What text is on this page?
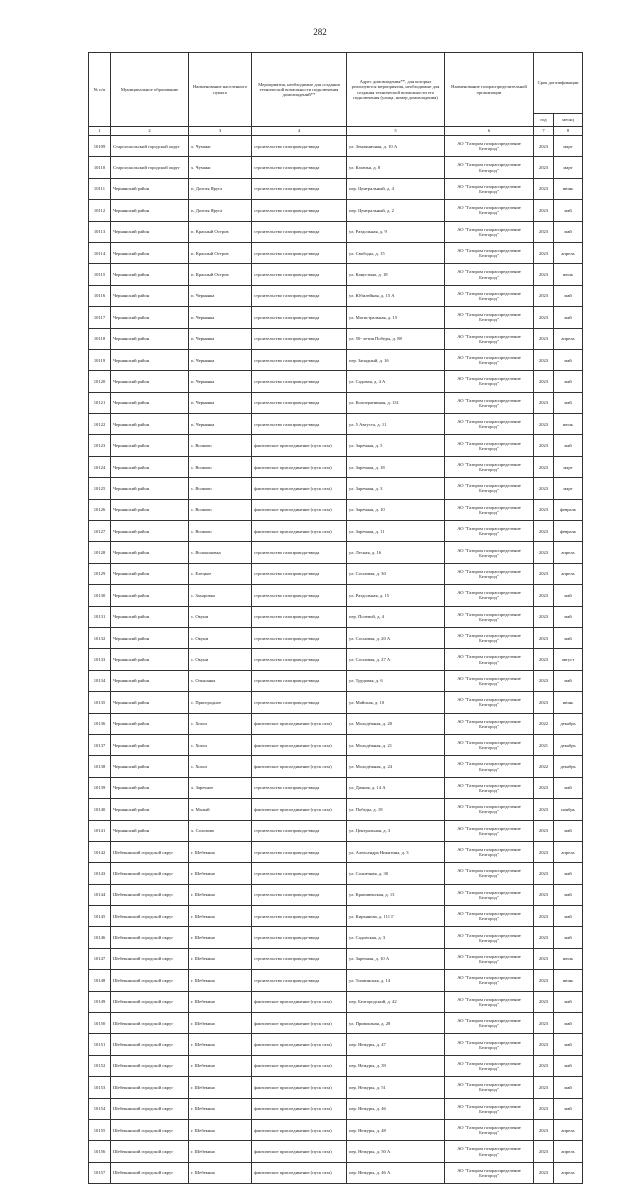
282
№ п/п	Муниципальное образование	Наименование населенного пункта	Мероприятия, необходимые для создания технической возможности подключения домовладений**	Адрес домовладения**, для которых реализуются мероприятия, необходимые для создания технической возможности его подключения (улица, номер домовладения)	Наименование газораспределительной организации	Срок догазификации	
						год	месяц
1	2	3	4	5	6	7	8
10109	Старооскольский городской округ	х. Чумаки	строительство газопровода-ввода	ул. Земляничная, д. 10 А	АО "Газпром газораспределение Белгород"	2023	март
10110	Старооскольский городской округ	х. Чумаки	строительство газопровода-ввода	ул. Казачья, д. 8	АО "Газпром газораспределение Белгород"	2023	март
10111	Чернянский район	п. Долгая Яруга	строительство газопровода-ввода	пер. Центральный, д. 4	АО "Газпром газораспределение Белгород"	2023	июнь
10112	Чернянский район	п. Долгая Яруга	строительство газопровода-ввода	пер. Центральный, д. 2	АО "Газпром газораспределение Белгород"	2023	май
10113	Чернянский район	п. Красный Остров	строительство газопровода-ввода	ул. Раздольная, д. 9	АО "Газпром газораспределение Белгород"	2023	май
10114	Чернянский район	п. Красный Остров	строительство газопровода-ввода	ул. Свободы, д. 15	АО "Газпром газораспределение Белгород"	2023	апрель
10115	Чернянский район	п. Красный Остров	строительство газопровода-ввода	ул. Кавустина, д. 18	АО "Газпром газораспределение Белгород"	2023	июль
10116	Чернянский район	п. Чернянка	строительство газопровода-ввода	ул. Юбилейная, д. 15 А	АО "Газпром газораспределение Белгород"	2023	май
10117	Чернянский район	п. Чернянка	строительство газопровода-ввода	ул. Магистральная, д. 15	АО "Газпром газораспределение Белгород"	2023	май
10118	Чернянский район	п. Чернянка	строительство газопровода-ввода	ул. 50- летия Победы, д. 88	АО "Газпром газораспределение Белгород"	2023	апрель
10119	Чернянский район	п. Чернянка	строительство газопровода-ввода	пер. Западный, д. 16	АО "Газпром газораспределение Белгород"	2023	май
10120	Чернянский район	п. Чернянка	строительство газопровода-ввода	ул. Садовая, д. 4 А	АО "Газпром газораспределение Белгород"	2023	май
10121	Чернянский район	п. Чернянка	строительство газопровода-ввода	ул. Кооперативная, д. 131	АО "Газпром газораспределение Белгород"	2023	май
10122	Чернянский район	п. Чернянка	строительство газопровода-ввода	ул. 5 Августа, д. 11	АО "Газпром газораспределение Белгород"	2023	июль
10123	Чернянский район	с. Волково	фактическое присоединение (пуск газа)	ул. Заречная, д. 5	АО "Газпром газораспределение Белгород"	2023	май
10124	Чернянский район	с. Волково	фактическое присоединение (пуск газа)	ул. Заречная, д. 18	АО "Газпром газораспределение Белгород"	2023	март
10125	Чернянский район	с. Волково	фактическое присоединение (пуск газа)	ул. Заречная, д. 3	АО "Газпром газораспределение Белгород"	2023	март
10126	Чернянский район	с. Волково	фактическое присоединение (пуск газа)	ул. Заречная, д. 10	АО "Газпром газораспределение Белгород"	2023	февраль
10127	Чернянский район	с. Волково	фактическое присоединение (пуск газа)	ул. Заречная, д. 11	АО "Газпром газораспределение Белгород"	2023	февраль
10128	Чернянский район	с. Волоконовка	строительство газопровода-ввода	ул. Лесная, д. 16	АО "Газпром газораспределение Белгород"	2023	апрель
10129	Чернянский район	с. Елецкое	строительство газопровода-ввода	ул. Сосновая, д. 30	АО "Газпром газораспределение Белгород"	2023	апрель
10130	Чернянский район	с. Захаровка	строительство газопровода-ввода	ул. Раздольная, д. 15	АО "Газпром газораспределение Белгород"	2023	май
10131	Чернянский район	с. Окуни	строительство газопровода-ввода	пер. Полевой, д. 4	АО "Газпром газораспределение Белгород"	2023	май
10132	Чернянский район	с. Окуни	строительство газопровода-ввода	ул. Сосновая, д. 20 А	АО "Газпром газораспределение Белгород"	2023	май
10133	Чернянский район	с. Окуни	строительство газопровода-ввода	ул. Сосновая, д. 27 А	АО "Газпром газораспределение Белгород"	2023	август
10134	Чернянский район	с. Ольшанка	строительство газопровода-ввода	ул. Трудовая, д. 6	АО "Газпром газораспределение Белгород"	2023	май
10135	Чернянский район	с. Пригородное	строительство газопровода-ввода	ул. Майская, д. 10	АО "Газпром газораспределение Белгород"	2023	июнь
10136	Чернянский район	с. Хохол	фактическое присоединение (пуск газа)	ул. Молодёжная, д. 20	АО "Газпром газораспределение Белгород"	2022	декабрь
10137	Чернянский район	с. Хохол	фактическое присоединение (пуск газа)	ул. Молодёжная, д. 21	АО "Газпром газораспределение Белгород"	2021	декабрь
10138	Чернянский район	с. Хохол	фактическое присоединение (пуск газа)	ул. Молодёжная, д. 24	АО "Газпром газораспределение Белгород"	2022	декабрь
10139	Чернянский район	х. Заречное	строительство газопровода-ввода	ул. Дачная, д. 14 А	АО "Газпром газораспределение Белгород"	2023	май
10140	Чернянский район	х. Малый	фактическое присоединение (пуск газа)	ул. Победы, д. 18	АО "Газпром газораспределение Белгород"	2023	ноябрь
10141	Чернянский район	х. Соловово	строительство газопровода-ввода	ул. Центральная, д. 3	АО "Газпром газораспределение Белгород"	2023	май
10142	Шебекинский городской округ	г. Шебекино	строительство газопровода-ввода	ул. Александра Никитина, д. 3	АО "Газпром газораспределение Белгород"	2023	апрель
10143	Шебекинский городской округ	г. Шебекино	строительство газопровода-ввода	ул. Солнечная, д. 30	АО "Газпром газораспределение Белгород"	2023	май
10144	Шебекинский городской округ	г. Шебекино	строительство газопровода-ввода	ул. Крапивенская, д. 13	АО "Газпром газораспределение Белгород"	2023	май
10145	Шебекинский городской округ	г. Шебекино	строительство газопровода-ввода	ул. Кирьянова, д. 111 Г	АО "Газпром газораспределение Белгород"	2023	май
10146	Шебекинский городской округ	г. Шебекино	строительство газопровода-ввода	ул. Садовская, д. 3	АО "Газпром газораспределение Белгород"	2023	май
10147	Шебекинский городской округ	г. Шебекино	строительство газопровода-ввода	ул. Заречная, д. 10 А	АО "Газпром газораспределение Белгород"	2023	июль
10148	Шебекинский городской округ	г. Шебекино	строительство газопровода-ввода	ул. Тихвинская, д. 14	АО "Газпром газораспределение Белгород"	2023	июнь
10149	Шебекинский городской округ	г. Шебекино	фактическое присоединение (пуск газа)	пер. Белгородский, д. 42	АО "Газпром газораспределение Белгород"	2023	май
10150	Шебекинский городской округ	г. Шебекино	фактическое присоединение (пуск газа)	ул. Привокзная, д. 28	АО "Газпром газораспределение Белгород"	2023	май
10151	Шебекинский городской округ	г. Шебекино	фактическое присоединение (пуск газа)	пер. Нежуры, д. 47	АО "Газпром газораспределение Белгород"	2023	май
10152	Шебекинский городской округ	г. Шебекино	фактическое присоединение (пуск газа)	пер. Нежуры, д. 39	АО "Газпром газораспределение Белгород"	2023	май
10153	Шебекинский городской округ	г. Шебекино	фактическое присоединение (пуск газа)	пер. Нежуры, д. 51	АО "Газпром газораспределение Белгород"	2023	май
10154	Шебекинский городской округ	г. Шебекино	фактическое присоединение (пуск газа)	пер. Нежуры, д. 46	АО "Газпром газораспределение Белгород"	2023	май
10155	Шебекинский городской округ	г. Шебекино	фактическое присоединение (пуск газа)	пер. Нежуры, д. 48	АО "Газпром газораспределение Белгород"	2023	апрель
10156	Шебекинский городской округ	г. Шебекино	фактическое присоединение (пуск газа)	пер. Нежуры, д. 50 А	АО "Газпром газораспределение Белгород"	2023	апрель
10157	Шебекинский городской округ	г. Шебекино	фактическое присоединение (пуск газа)	пер. Нежуры, д. 46 А	АО "Газпром газораспределение Белгород"	2023	апрель
